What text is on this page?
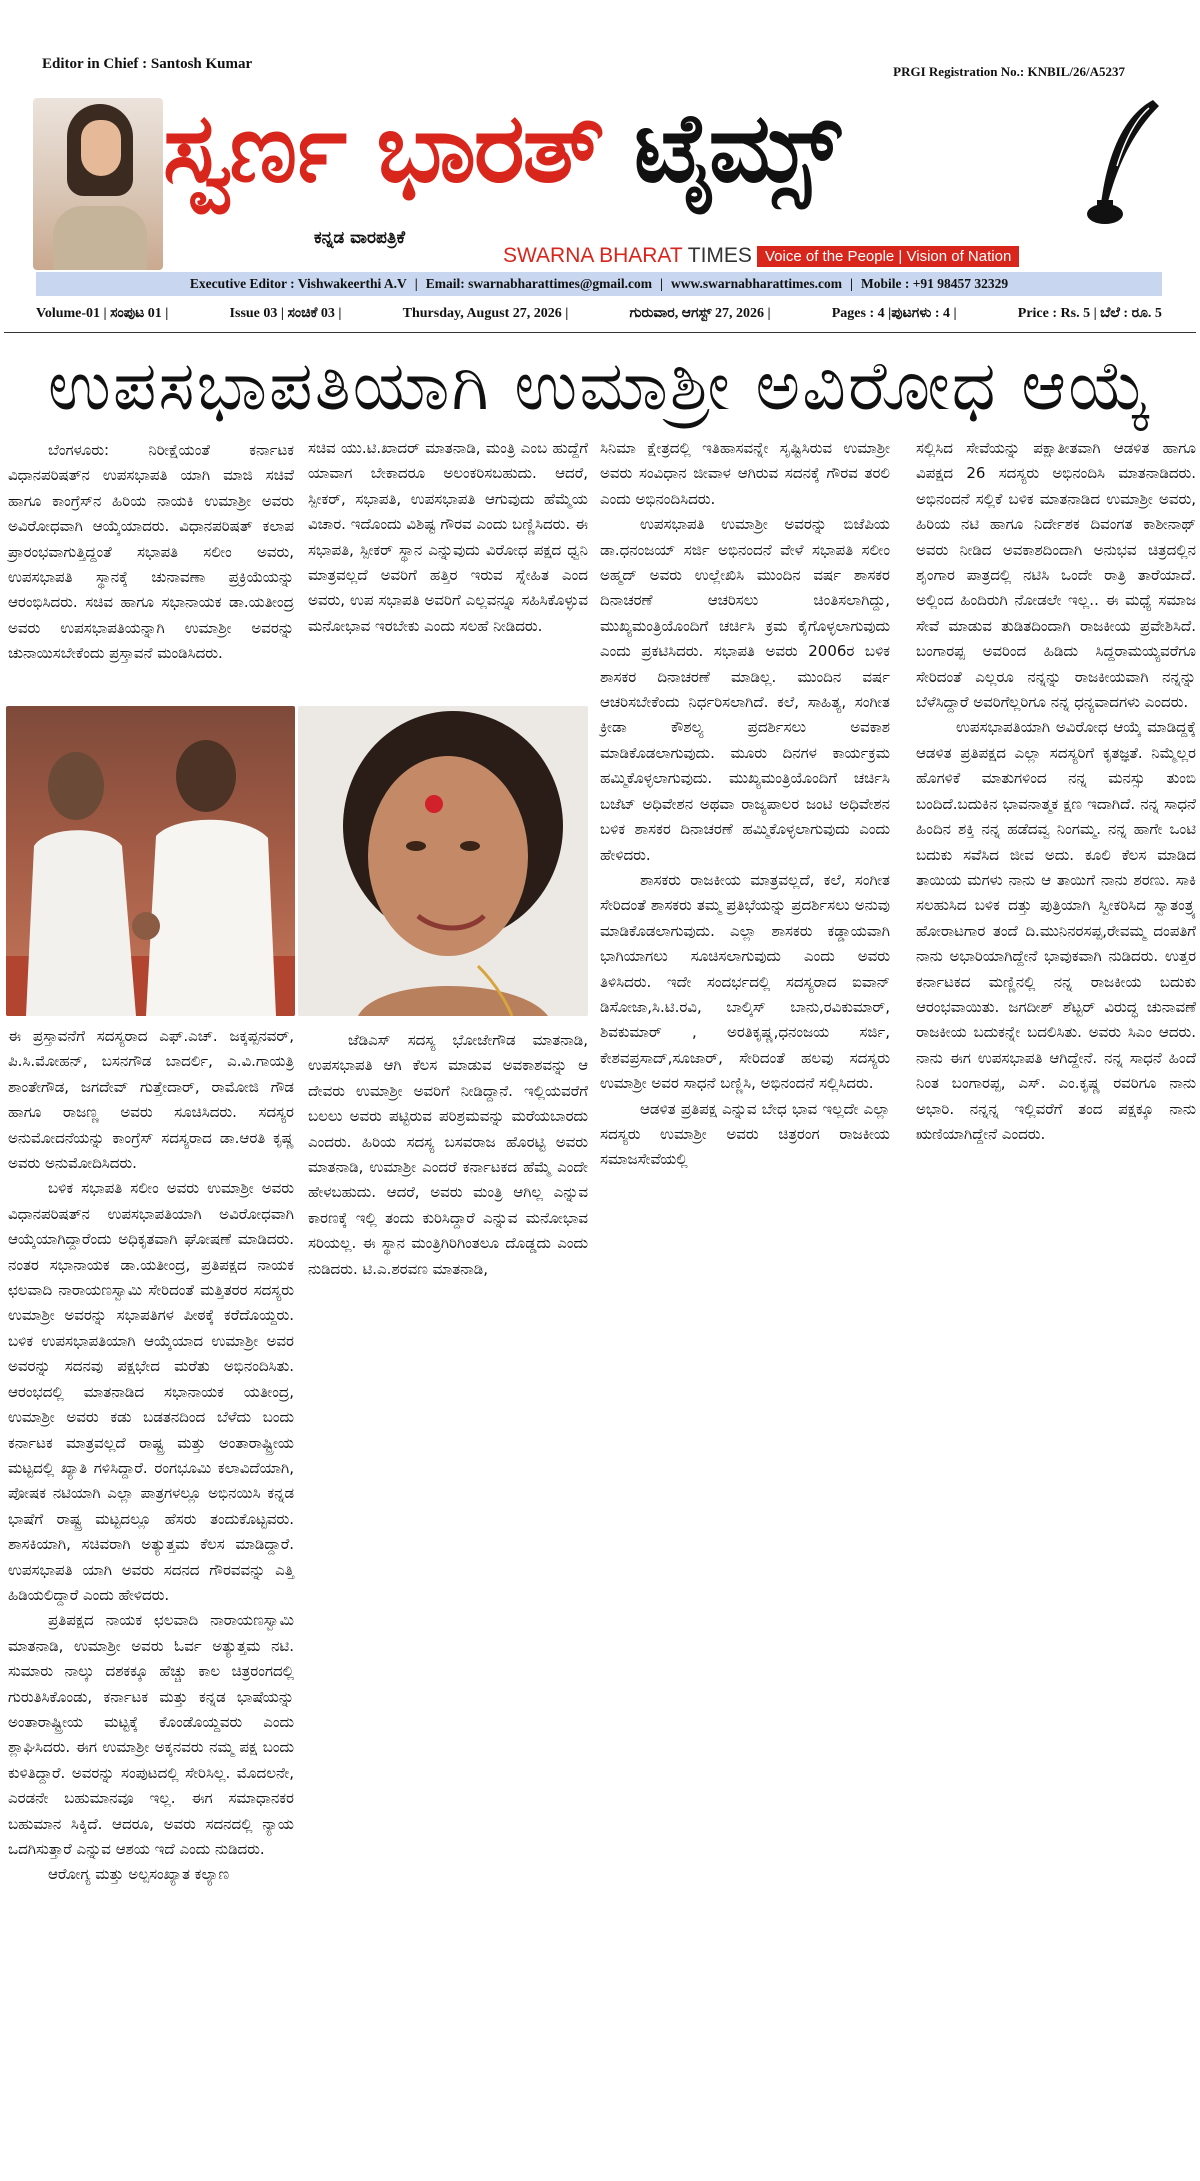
Editor in Chief : Santosh Kumar	PRGI Registration No.: KNBIL/26/A5237
ಸ್ವರ್ಣ ಭಾರತ್ ಟೈಮ್ಸ್
ಕನ್ನಡ ವಾರಪತ್ರಿಕೆ
SWARNA BHARAT TIMES Voice of the People | Vision of Nation
Executive Editor : Vishwakeerthi A.V | Email: swarnabharattimes@gmail.com | www.swarnabharattimes.com | Mobile : +91 98457 32329
Volume-01 | ಸಂಪುಟ 01 |	Issue 03 | ಸಂಚಿಕೆ 03 |	Thursday, August 27, 2026 |	ಗುರುವಾರ, ಆಗಸ್ಟ್ 27, 2026 |	Pages : 4 |ಪುಟಗಳು : 4 |	Price : Rs. 5 | ಬೆಲೆ : ರೂ. 5
ಉಪಸಭಾಪತಿಯಾಗಿ ಉಮಾಶ್ರೀ ಅವಿರೋಧ ಆಯ್ಕೆ

ಬೆಂಗಳೂರು: ನಿರೀಕ್ಷೆಯಂತೆ ಕರ್ನಾಟಕ ವಿಧಾನಪರಿಷತ್‌ನ ಉಪಸಭಾಪತಿ ಯಾಗಿ ಮಾಜಿ ಸಚಿವೆ ಹಾಗೂ ಕಾಂಗ್ರೆಸ್‌ನ ಹಿರಿಯ ನಾಯಕಿ ಉಮಾಶ್ರೀ ಅವರು ಅವಿರೋಧವಾಗಿ ಆಯ್ಕೆಯಾದರು. ವಿಧಾನಪರಿಷತ್ ಕಲಾಪ ಪ್ರಾರಂಭವಾಗುತ್ತಿದ್ದಂತೆ ಸಭಾಪತಿ ಸಲೀಂ ಅವರು, ಉಪಸಭಾಪತಿ ಸ್ಥಾನಕ್ಕೆ ಚುನಾವಣಾ ಪ್ರಕ್ರಿಯೆಯನ್ನು ಆರಂಭಿಸಿದರು. ಸಚಿವ ಹಾಗೂ ಸಭಾನಾಯಕ ಡಾ.ಯತೀಂದ್ರ ಅವರು ಉಪಸಭಾಪತಿಯನ್ನಾಗಿ ಉಮಾಶ್ರೀ ಅವರನ್ನು ಚುನಾಯಿಸಬೇಕೆಂದು ಪ್ರಸ್ತಾವನೆ ಮಂಡಿಸಿದರು.

ಈ ಪ್ರಸ್ತಾವನೆಗೆ ಸದಸ್ಯರಾದ ಎಫ್.ಎಚ್. ಜಕ್ಕಪ್ಪನವರ್, ಪಿ.ಸಿ.ಮೋಹನ್, ಬಸನಗೌಡ ಬಾದರ್ಲಿ, ಎ.ವಿ.ಗಾಯತ್ರಿ ಶಾಂತೇಗೌಡ, ಜಗದೇವ್ ಗುತ್ತೇದಾರ್, ರಾಮೋಜಿ ಗೌಡ ಹಾಗೂ ರಾಜಣ್ಣ ಅವರು ಸೂಚಿಸಿದರು. ಸದಸ್ಯರ ಅನುಮೋದನೆಯನ್ನು ಕಾಂಗ್ರೆಸ್ ಸದಸ್ಯರಾದ ಡಾ.ಆರತಿ ಕೃಷ್ಣ ಅವರು ಅನುಮೋದಿಸಿದರು.

ಬಳಿಕ ಸಭಾಪತಿ ಸಲೀಂ ಅವರು ಉಮಾಶ್ರೀ ಅವರು ವಿಧಾನಪರಿಷತ್‌ನ ಉಪಸಭಾಪತಿಯಾಗಿ ಅವಿರೋಧವಾಗಿ ಆಯ್ಕೆಯಾಗಿದ್ದಾರೆಂದು ಅಧಿಕೃತವಾಗಿ ಘೋಷಣೆ ಮಾಡಿದರು. ನಂತರ ಸಭಾನಾಯಕ ಡಾ.ಯತೀಂದ್ರ, ಪ್ರತಿಪಕ್ಷದ ನಾಯಕ ಛಲವಾದಿ ನಾರಾಯಣಸ್ವಾಮಿ ಸೇರಿದಂತೆ ಮತ್ತಿತರರ ಸದಸ್ಯರು ಉಮಾಶ್ರೀ ಅವರನ್ನು ಸಭಾಪತಿಗಳ ಪೀಠಕ್ಕೆ ಕರೆದೊಯ್ದರು. ಬಳಿಕ ಉಪಸಭಾಪತಿಯಾಗಿ ಆಯ್ಕೆಯಾದ ಉಮಾಶ್ರೀ ಅವರ ಅವರನ್ನು ಸದನವು ಪಕ್ಷಭೇದ ಮರೆತು ಅಭಿನಂದಿಸಿತು. ಆರಂಭದಲ್ಲಿ ಮಾತನಾಡಿದ ಸಭಾನಾಯಕ ಯತೀಂದ್ರ, ಉಮಾಶ್ರೀ ಅವರು ಕಡು ಬಡತನದಿಂದ ಬೆಳೆದು ಬಂದು ಕರ್ನಾಟಕ ಮಾತ್ರವಲ್ಲದೆ ರಾಷ್ಟ್ರ ಮತ್ತು ಅಂತಾರಾಷ್ಟ್ರೀಯ ಮಟ್ಟದಲ್ಲಿ ಖ್ಯಾತಿ ಗಳಿಸಿದ್ದಾರೆ. ರಂಗಭೂಮಿ ಕಲಾವಿದೆಯಾಗಿ, ಪೋಷಕ ನಟಿಯಾಗಿ ಎಲ್ಲಾ ಪಾತ್ರಗಳಲ್ಲೂ ಅಭಿನಯಿಸಿ ಕನ್ನಡ ಭಾಷೆಗೆ ರಾಷ್ಟ್ರ ಮಟ್ಟದಲ್ಲೂ ಹೆಸರು ತಂದುಕೊಟ್ಟವರು. ಶಾಸಕಿಯಾಗಿ, ಸಚಿವರಾಗಿ ಅತ್ಯುತ್ತಮ ಕೆಲಸ ಮಾಡಿದ್ದಾರೆ. ಉಪಸಭಾಪತಿ ಯಾಗಿ ಅವರು ಸದನದ ಗೌರವವನ್ನು ಎತ್ತಿ ಹಿಡಿಯಲಿದ್ದಾರೆ ಎಂದು ಹೇಳಿದರು.

ಪ್ರತಿಪಕ್ಷದ ನಾಯಕ ಛಲವಾದಿ ನಾರಾಯಣಸ್ವಾಮಿ ಮಾತನಾಡಿ, ಉಮಾಶ್ರೀ ಅವರು ಓರ್ವ ಅತ್ಯುತ್ತಮ ನಟಿ. ಸುಮಾರು ನಾಲ್ಕು ದಶಕಕ್ಕೂ ಹೆಚ್ಚು ಕಾಲ ಚಿತ್ರರಂಗದಲ್ಲಿ ಗುರುತಿಸಿಕೊಂಡು, ಕರ್ನಾಟಕ ಮತ್ತು ಕನ್ನಡ ಭಾಷೆಯನ್ನು ಅಂತಾರಾಷ್ಟ್ರೀಯ ಮಟ್ಟಕ್ಕೆ ಕೊಂಡೊಯ್ದವರು ಎಂದು ಶ್ಲಾಘಿಸಿದರು. ಈಗ ಉಮಾಶ್ರೀ ಅಕ್ಕನವರು ನಮ್ಮ ಪಕ್ಷ ಬಂದು ಕುಳಿತಿದ್ದಾರೆ. ಅವರನ್ನು ಸಂಪುಟದಲ್ಲಿ ಸೇರಿಸಿಲ್ಲ. ಮೊದಲನೇ, ಎರಡನೇ ಬಹುಮಾನವೂ ಇಲ್ಲ. ಈಗ ಸಮಾಧಾನಕರ ಬಹುಮಾನ ಸಿಕ್ಕಿದೆ. ಆದರೂ, ಅವರು ಸದನದಲ್ಲಿ ನ್ಯಾಯ ಒದಗಿಸುತ್ತಾರೆ ಎನ್ನುವ ಆಶಯ ಇದೆ ಎಂದು ನುಡಿದರು.

ಆರೋಗ್ಯ ಮತ್ತು ಅಲ್ಪಸಂಖ್ಯಾತ ಕಲ್ಯಾಣ

ಸಚಿವ ಯು.ಟಿ.ಖಾದರ್ ಮಾತನಾಡಿ, ಮಂತ್ರಿ ಎಂಬ ಹುದ್ದೆಗೆ ಯಾವಾಗ ಬೇಕಾದರೂ ಅಲಂಕರಿಸಬಹುದು. ಆದರೆ, ಸ್ಪೀಕರ್, ಸಭಾಪತಿ, ಉಪಸಭಾಪತಿ ಆಗುವುದು ಹೆಮ್ಮೆಯ ವಿಚಾರ. ಇದೊಂದು ವಿಶಿಷ್ಟ ಗೌರವ ಎಂದು ಬಣ್ಣಿಸಿದರು. ಈ ಸಭಾಪತಿ, ಸ್ಪೀಕರ್ ಸ್ಥಾನ ಎನ್ನುವುದು ವಿರೋಧ ಪಕ್ಷದ ಧ್ವನಿ ಮಾತ್ರವಲ್ಲದೆ ಅವರಿಗೆ ಹತ್ತಿರ ಇರುವ ಸ್ನೇಹಿತ ಎಂದ ಅವರು, ಉಪ ಸಭಾಪತಿ ಅವರಿಗೆ ಎಲ್ಲವನ್ನೂ ಸಹಿಸಿಕೊಳ್ಳುವ ಮನೋಭಾವ ಇರಬೇಕು ಎಂದು ಸಲಹೆ ನೀಡಿದರು.

ಜೆಡಿಎಸ್ ಸದಸ್ಯ ಭೋಜೇಗೌಡ ಮಾತನಾಡಿ, ಉಪಸಭಾಪತಿ ಆಗಿ ಕೆಲಸ ಮಾಡುವ ಅವಕಾಶವನ್ನು ಆ ದೇವರು ಉಮಾಶ್ರೀ ಅವರಿಗೆ ನೀಡಿದ್ದಾನೆ. ಇಲ್ಲಿಯವರೆಗೆ ಬಲಲು ಅವರು ಪಟ್ಟಿರುವ ಪರಿಶ್ರಮವನ್ನು ಮರೆಯಬಾರದು ಎಂದರು. ಹಿರಿಯ ಸದಸ್ಯ ಬಸವರಾಜ ಹೊರಟ್ಟಿ ಅವರು ಮಾತನಾಡಿ, ಉಮಾಶ್ರೀ ಎಂದರೆ ಕರ್ನಾಟಕದ ಹೆಮ್ಮೆ ಎಂದೇ ಹೇಳಬಹುದು. ಆದರೆ, ಅವರು ಮಂತ್ರಿ ಆಗಿಲ್ಲ ಎನ್ನುವ ಕಾರಣಕ್ಕೆ ಇಲ್ಲಿ ತಂದು ಕುರಿಸಿದ್ದಾರೆ ಎನ್ನುವ ಮನೋಭಾವ ಸರಿಯಲ್ಲ. ಈ ಸ್ಥಾನ ಮಂತ್ರಿಗಿರಿಗಿಂತಲೂ ದೊಡ್ಡದು ಎಂದು ನುಡಿದರು. ಟಿ.ಎ.ಶರವಣ ಮಾತನಾಡಿ,

ಸಿನಿಮಾ ಕ್ಷೇತ್ರದಲ್ಲಿ ಇತಿಹಾಸವನ್ನೇ ಸೃಷ್ಟಿಸಿರುವ ಉಮಾಶ್ರೀ ಅವರು ಸಂವಿಧಾನ ಜೀವಾಳ ಆಗಿರುವ ಸದನಕ್ಕೆ ಗೌರವ ತರಲಿ ಎಂದು ಅಭಿನಂದಿಸಿದರು.

ಉಪಸಭಾಪತಿ ಉಮಾಶ್ರೀ ಅವರನ್ನು ಬಿಜೆಪಿಯ ಡಾ.ಧನಂಜಯ್ ಸರ್ಜಿ ಅಭಿನಂದನೆ ವೇಳೆ ಸಭಾಪತಿ ಸಲೀಂ ಅಹ್ಮದ್ ಅವರು ಉಲ್ಲೇಖಿಸಿ ಮುಂದಿನ ವರ್ಷ ಶಾಸಕರ ದಿನಾಚರಣೆ ಆಚರಿಸಲು ಚಿಂತಿಸಲಾಗಿದ್ದು, ಮುಖ್ಯಮಂತ್ರಿಯೊಂದಿಗೆ ಚರ್ಚಿಸಿ ಕ್ರಮ ಕೈಗೊಳ್ಳಲಾಗುವುದು ಎಂದು ಪ್ರಕಟಿಸಿದರು. ಸಭಾಪತಿ ಅವರು 2006ರ ಬಳಿಕ ಶಾಸಕರ ದಿನಾಚರಣೆ ಮಾಡಿಲ್ಲ. ಮುಂದಿನ ವರ್ಷ ಆಚರಿಸಬೇಕೆಂದು ನಿರ್ಧರಿಸಲಾಗಿದೆ. ಕಲೆ, ಸಾಹಿತ್ಯ, ಸಂಗೀತ ಕ್ರೀಡಾ ಕೌಶಲ್ಯ ಪ್ರದರ್ಶಿಸಲು ಅವಕಾಶ ಮಾಡಿಕೊಡಲಾಗುವುದು. ಮೂರು ದಿನಗಳ ಕಾರ್ಯಕ್ರಮ ಹಮ್ಮಿಕೊಳ್ಳಲಾಗುವುದು. ಮುಖ್ಯಮಂತ್ರಿಯೊಂದಿಗೆ ಚರ್ಚಿಸಿ ಬಜೆಟ್ ಅಧಿವೇಶನ ಅಥವಾ ರಾಜ್ಯಪಾಲರ ಜಂಟಿ ಅಧಿವೇಶನ ಬಳಿಕ ಶಾಸಕರ ದಿನಾಚರಣೆ ಹಮ್ಮಿಕೊಳ್ಳಲಾಗುವುದು ಎಂದು ಹೇಳಿದರು.

ಶಾಸಕರು ರಾಜಕೀಯ ಮಾತ್ರವಲ್ಲದೆ, ಕಲೆ, ಸಂಗೀತ ಸೇರಿದಂತೆ ಶಾಸಕರು ತಮ್ಮ ಪ್ರತಿಭೆಯನ್ನು ಪ್ರದರ್ಶಿಸಲು ಅನುವು ಮಾಡಿಕೊಡಲಾಗುವುದು. ಎಲ್ಲಾ ಶಾಸಕರು ಕಡ್ಡಾಯವಾಗಿ ಭಾಗಿಯಾಗಲು ಸೂಚಿಸಲಾಗುವುದು ಎಂದು ಅವರು ತಿಳಿಸಿದರು. ಇದೇ ಸಂದರ್ಭದಲ್ಲಿ ಸದಸ್ಯರಾದ ಐವಾನ್ ಡಿಸೋಜಾ,ಸಿ.ಟಿ.ರವಿ, ಬಾಲ್ಕಿಸ್ ಬಾನು,ರವಿಕುಮಾರ್, ಶಿವಕುಮಾರ್ , ಅರತಿಕೃಷ್ಣ,ಧನಂಜಯ ಸರ್ಜಿ, ಕೇಶವಪ್ರಸಾದ್,ಸೂಜಾರ್, ಸೇರಿದಂತೆ ಹಲವು ಸದಸ್ಯರು ಉಮಾಶ್ರೀ ಅವರ ಸಾಧನೆ ಬಣ್ಣಿಸಿ, ಅಭಿನಂದನೆ ಸಲ್ಲಿಸಿದರು.

ಆಡಳಿತ ಪ್ರತಿಪಕ್ಷ ಎನ್ನುವ ಬೇಧ ಭಾವ ಇಲ್ಲದೇ ಎಲ್ಲಾ ಸದಸ್ಯರು ಉಮಾಶ್ರೀ ಅವರು ಚಿತ್ರರಂಗ ರಾಜಕೀಯ ಸಮಾಜಸೇವೆಯಲ್ಲಿ

ಸಲ್ಲಿಸಿದ ಸೇವೆಯನ್ನು ಪಕ್ಷಾತೀತವಾಗಿ ಆಡಳಿತ ಹಾಗೂ ವಿಪಕ್ಷದ 26 ಸದಸ್ಯರು ಅಭಿನಂದಿಸಿ ಮಾತನಾಡಿದರು. ಅಭಿನಂದನೆ ಸಲ್ಲಿಕೆ ಬಳಿಕ ಮಾತನಾಡಿದ ಉಮಾಶ್ರೀ ಅವರು, ಹಿರಿಯ ನಟಿ ಹಾಗೂ ನಿರ್ದೇಶಕ ದಿವಂಗತ ಕಾಶೀನಾಥ್ ಅವರು ನೀಡಿದ ಅವಕಾಶದಿಂದಾಗಿ ಅನುಭವ ಚಿತ್ರದಲ್ಲಿನ ಶೃಂಗಾರ ಪಾತ್ರದಲ್ಲಿ ನಟಿಸಿ ಒಂದೇ ರಾತ್ರಿ ತಾರೆಯಾದೆ. ಅಲ್ಲಿಂದ ಹಿಂದಿರುಗಿ ನೋಡಲೇ ಇಲ್ಲ.. ಈ ಮಧ್ಯೆ ಸಮಾಜ ಸೇವೆ ಮಾಡುವ ತುಡಿತದಿಂದಾಗಿ ರಾಜಕೀಯ ಪ್ರವೇಶಿಸಿದೆ. ಬಂಗಾರಪ್ಪ ಅವರಿಂದ ಹಿಡಿದು ಸಿದ್ದರಾಮಯ್ಯವರೆಗೂ ಸೇರಿದಂತೆ ಎಲ್ಲರೂ ನನ್ನನ್ನು ರಾಜಕೀಯವಾಗಿ ನನ್ನನ್ನು ಬೆಳೆಸಿದ್ದಾರೆ ಅವರಿಗೆಲ್ಲರಿಗೂ ನನ್ನ ಧನ್ಯವಾದಗಳು ಎಂದರು.

ಉಪಸಭಾಪತಿಯಾಗಿ ಅವಿರೋಧ ಆಯ್ಕೆ ಮಾಡಿದ್ದಕ್ಕೆ ಆಡಳಿತ ಪ್ರತಿಪಕ್ಷದ ಎಲ್ಲಾ ಸದಸ್ಯರಿಗೆ ಕೃತಜ್ಞತೆ. ನಿಮ್ಮೆಲ್ಲರ ಹೊಗಳಿಕೆ ಮಾತುಗಳಿಂದ ನನ್ನ ಮನಸ್ಸು ತುಂಬಿ ಬಂದಿದೆ.ಬದುಕಿನ ಭಾವನಾತ್ಮಕ ಕ್ಷಣ ಇದಾಗಿದೆ. ನನ್ನ ಸಾಧನೆ ಹಿಂದಿನ ಶಕ್ತಿ ನನ್ನ ಹಡೆದವ್ವ ನಿಂಗಮ್ಮ. ನನ್ನ ಹಾಗೇ ಒಂಟಿ ಬದುಕು ಸವೆಸಿದ ಜೀವ ಅದು. ಕೂಲಿ ಕೆಲಸ ಮಾಡಿದ ತಾಯಿಯ ಮಗಳು ನಾನು ಆ ತಾಯಿಗೆ ನಾನು ಶರಣು. ಸಾಕಿ ಸಲಹುಸಿದ ಬಳಿಕ ದತ್ತು ಪುತ್ರಿಯಾಗಿ ಸ್ವೀಕರಿಸಿದ ಸ್ವಾತಂತ್ರ್ಯ ಹೋರಾಟಗಾರ ತಂದೆ ದಿ.ಮುನಿನರಸಪ್ಪ,ರೇವಮ್ಮ ದಂಪತಿಗೆ ನಾನು ಅಭಾರಿಯಾಗಿದ್ದೇನೆ ಭಾವುಕವಾಗಿ ನುಡಿದರು. ಉತ್ತರ ಕರ್ನಾಟಕದ ಮಣ್ಣಿನಲ್ಲಿ ನನ್ನ ರಾಜಕೀಯ ಬದುಕು ಆರಂಭವಾಯಿತು. ಜಗದೀಶ್ ಶೆಟ್ಟರ್ ವಿರುದ್ಧ ಚುನಾವಣೆ ರಾಜಕೀಯ ಬದುಕನ್ನೇ ಬದಲಿಸಿತು. ಅವರು ಸಿಎಂ ಆದರು. ನಾನು ಈಗ ಉಪಸಭಾಪತಿ ಆಗಿದ್ದೇನೆ. ನನ್ನ ಸಾಧನೆ ಹಿಂದೆ ನಿಂತ ಬಂಗಾರಪ್ಪ, ಎಸ್. ಎಂ.ಕೃಷ್ಣ ರವರಿಗೂ ನಾನು ಅಭಾರಿ. ನನ್ನನ್ನ ಇಲ್ಲಿವರೆಗೆ ತಂದ ಪಕ್ಷಕ್ಕೂ ನಾನು ಋಣಿಯಾಗಿದ್ದೇನೆ ಎಂದರು.
